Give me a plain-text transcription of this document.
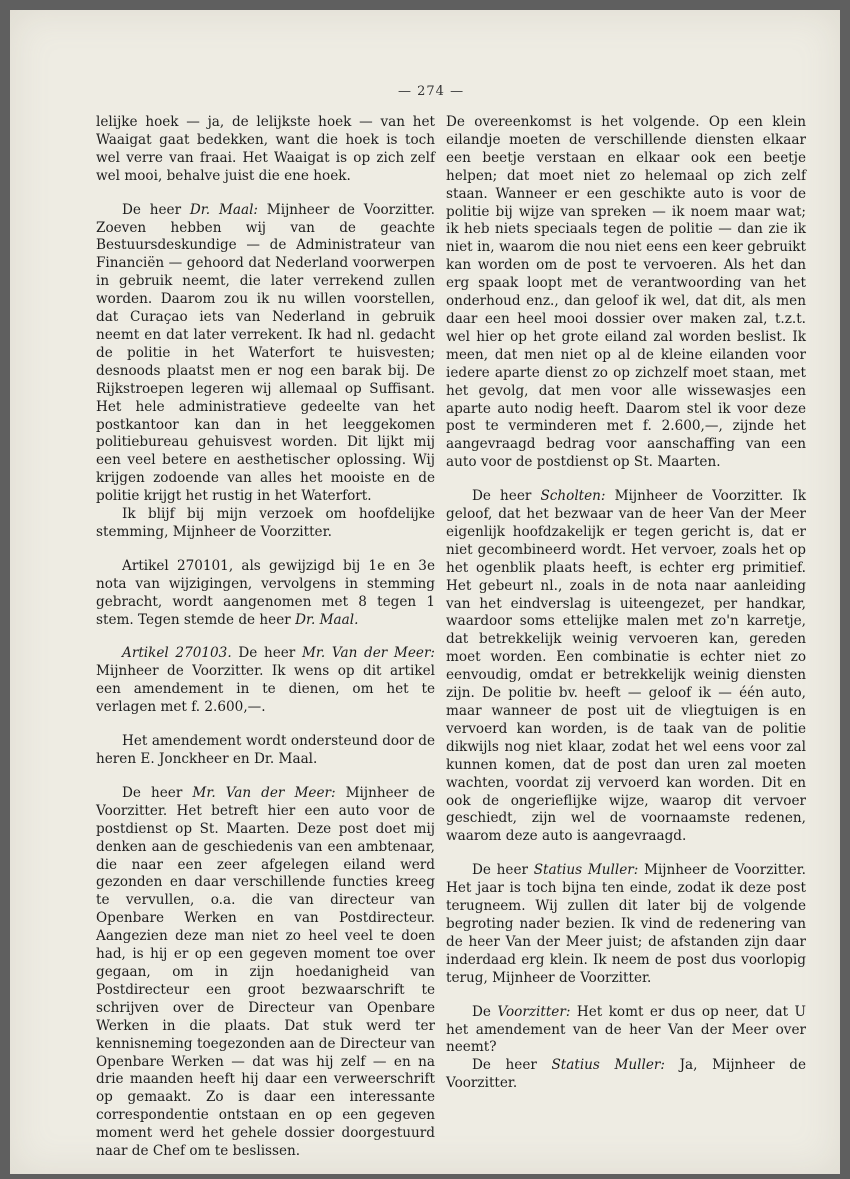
— 274 —

lelijke hoek — ja, de lelijkste hoek — van het Waaigat gaat bedekken, want die hoek is toch wel verre van fraai. Het Waaigat is op zich zelf wel mooi, behalve juist die ene hoek.

De heer Dr. Maal: Mijnheer de Voorzitter. Zoeven hebben wij van de geachte Bestuursdeskundige — de Administrateur van Financiën — gehoord dat Nederland voorwerpen in gebruik neemt, die later verrekend zullen worden. Daarom zou ik nu willen voorstellen, dat Curaçao iets van Nederland in gebruik neemt en dat later verrekent. Ik had nl. gedacht de politie in het Waterfort te huisvesten; desnoods plaatst men er nog een barak bij. De Rijkstroepen legeren wij allemaal op Suffisant. Het hele administratieve gedeelte van het postkantoor kan dan in het leeggekomen politiebureau gehuisvest worden. Dit lijkt mij een veel betere en aesthetischer oplossing. Wij krijgen zodoende van alles het mooiste en de politie krijgt het rustig in het Waterfort.

Ik blijf bij mijn verzoek om hoofdelijke stemming, Mijnheer de Voorzitter.

Artikel 270101, als gewijzigd bij 1e en 3e nota van wijzigingen, vervolgens in stemming gebracht, wordt aangenomen met 8 tegen 1 stem. Tegen stemde de heer Dr. Maal.

Artikel 270103. De heer Mr. Van der Meer: Mijnheer de Voorzitter. Ik wens op dit artikel een amendement in te dienen, om het te verlagen met f. 2.600,—.

Het amendement wordt ondersteund door de heren E. Jonckheer en Dr. Maal.

De heer Mr. Van der Meer: Mijnheer de Voorzitter. Het betreft hier een auto voor de postdienst op St. Maarten. Deze post doet mij denken aan de geschiedenis van een ambtenaar, die naar een zeer afgelegen eiland werd gezonden en daar verschillende functies kreeg te vervullen, o.a. die van directeur van Openbare Werken en van Postdirecteur. Aangezien deze man niet zo heel veel te doen had, is hij er op een gegeven moment toe over gegaan, om in zijn hoedanigheid van Postdirecteur een groot bezwaarschrift te schrijven over de Directeur van Openbare Werken in die plaats. Dat stuk werd ter kennisneming toegezonden aan de Directeur van Openbare Werken — dat was hij zelf — en na drie maanden heeft hij daar een verweerschrift op gemaakt. Zo is daar een interessante correspondentie ontstaan en op een gegeven moment werd het gehele dossier doorgestuurd naar de Chef om te beslissen.

De overeenkomst is het volgende. Op een klein eilandje moeten de verschillende diensten elkaar een beetje verstaan en elkaar ook een beetje helpen; dat moet niet zo helemaal op zich zelf staan. Wanneer er een geschikte auto is voor de politie bij wijze van spreken — ik noem maar wat; ik heb niets speciaals tegen de politie — dan zie ik niet in, waarom die nou niet eens een keer gebruikt kan worden om de post te vervoeren. Als het dan erg spaak loopt met de verantwoording van het onderhoud enz., dan geloof ik wel, dat dit, als men daar een heel mooi dossier over maken zal, t.z.t. wel hier op het grote eiland zal worden beslist. Ik meen, dat men niet op al de kleine eilanden voor iedere aparte dienst zo op zichzelf moet staan, met het gevolg, dat men voor alle wissewasjes een aparte auto nodig heeft. Daarom stel ik voor deze post te verminderen met f. 2.600,—, zijnde het aangevraagd bedrag voor aanschaffing van een auto voor de postdienst op St. Maarten.

De heer Scholten: Mijnheer de Voorzitter. Ik geloof, dat het bezwaar van de heer Van der Meer eigenlijk hoofdzakelijk er tegen gericht is, dat er niet gecombineerd wordt. Het vervoer, zoals het op het ogenblik plaats heeft, is echter erg primitief. Het gebeurt nl., zoals in de nota naar aanleiding van het eindverslag is uiteengezet, per handkar, waardoor soms ettelijke malen met zo'n karretje, dat betrekkelijk weinig vervoeren kan, gereden moet worden. Een combinatie is echter niet zo eenvoudig, omdat er betrekkelijk weinig diensten zijn. De politie bv. heeft — geloof ik — één auto, maar wanneer de post uit de vliegtuigen is en vervoerd kan worden, is de taak van de politie dikwijls nog niet klaar, zodat het wel eens voor zal kunnen komen, dat de post dan uren zal moeten wachten, voordat zij vervoerd kan worden. Dit en ook de ongerieflijke wijze, waarop dit vervoer geschiedt, zijn wel de voornaamste redenen, waarom deze auto is aangevraagd.

De heer Statius Muller: Mijnheer de Voorzitter. Het jaar is toch bijna ten einde, zodat ik deze post terugneem. Wij zullen dit later bij de volgende begroting nader bezien. Ik vind de redenering van de heer Van der Meer juist; de afstanden zijn daar inderdaad erg klein. Ik neem de post dus voorlopig terug, Mijnheer de Voorzitter.

De Voorzitter: Het komt er dus op neer, dat U het amendement van de heer Van der Meer over neemt?

De heer Statius Muller: Ja, Mijnheer de Voorzitter.
